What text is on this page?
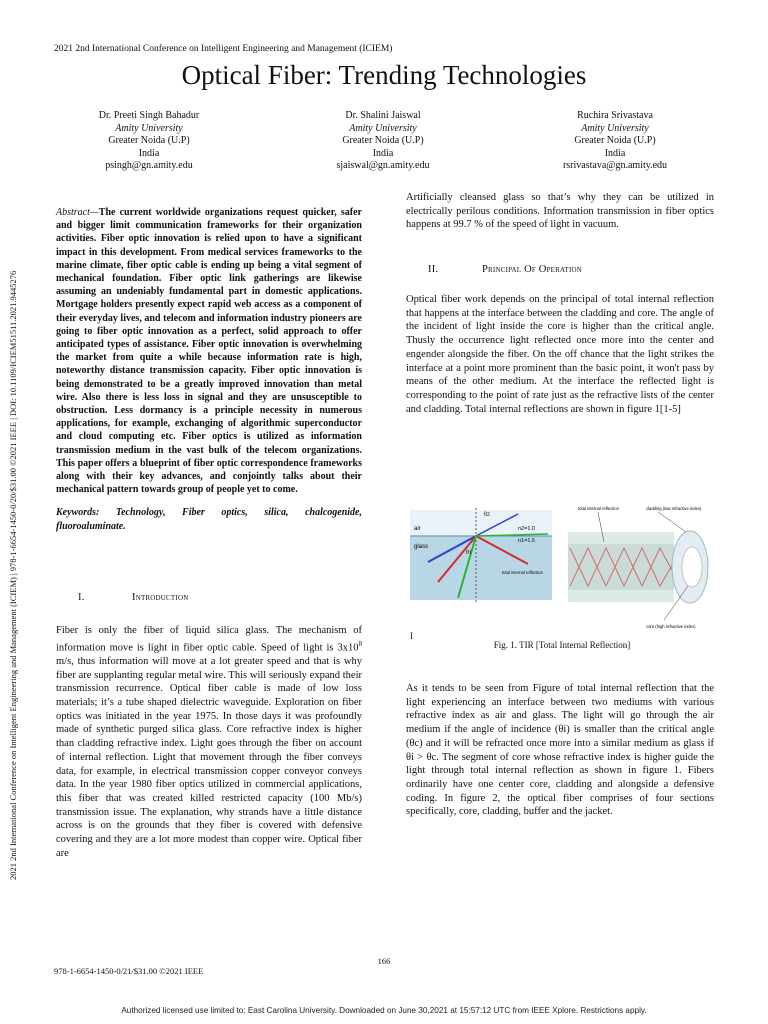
2021 2nd International Conference on Intelligent Engineering and Management (ICIEM)
Optical Fiber: Trending Technologies
Dr. Preeti Singh Bahadur
Amity University
Greater Noida (U.P)
India
psingh@gn.amity.edu
Dr. Shalini Jaiswal
Amity University
Greater Noida (U.P)
India
sjaiswal@gn.amity.edu
Ruchira Srivastava
Amity University
Greater Noida (U.P)
India
rsrivastava@gn.amity.edu
2021 2nd International Conference on Intelligent Engineering and Management (ICIEM) | 978-1-6654-1450-0/20/$31.00 ©2021 IEEE | DOI: 10.1109/ICIEM51511.2021.9445276

Abstract—The current worldwide organizations request quicker, safer and bigger limit communication frameworks for their organization activities. Fiber optic innovation is relied upon to have a significant impact in this development. From medical services frameworks to the marine climate, fiber optic cable is ending up being a vital segment of mechanical foundation. Fiber optic link gatherings are likewise assuming an undeniably fundamental part in domestic applications. Mortgage holders presently expect rapid web access as a component of their everyday lives, and telecom and information industry pioneers are going to fiber optic innovation as a perfect, solid approach to offer anticipated types of assistance. Fiber optic innovation is overwhelming the market from quite a while because information rate is high, noteworthy distance transmission capacity. Fiber optic innovation is being demonstrated to be a greatly improved innovation than metal wire. Also there is less loss in signal and they are unsusceptible to obstruction. Less dormancy is a principle necessity in numerous applications, for example, exchanging of algorithmic superconductor and cloud computing etc. Fiber optics is utilized as information transmission medium in the vast bulk of the telecom organizations. This paper offers a blueprint of fiber optic correspondence frameworks along with their key advances, and conjointly talks about their mechanical pattern towards group of people yet to come.

Keywords: Technology, Fiber optics, silica, chalcogenide, fluoroaluminate.

I.	Introduction

Fiber is only the fiber of liquid silica glass. The mechanism of information move is light in fiber optic cable. Speed of light is $3x10^8$ m/s, thus information will move at a lot greater speed and that is why fiber are supplanting regular metal wire. This will seriously expand their transmission recurrence. Optical fiber cable is made of low loss materials; it’s a tube shaped dielectric waveguide. Exploration on fiber optics was initiated in the year 1975. In those days it was profoundly made of synthetic purged silica glass. Core refractive index is higher than cladding refractive index. Light goes through the fiber on account of internal reflection. Light that movement through the fiber conveys data, for example, in electrical transmission copper conveyor conveys data. In the year 1980 fiber optics utilized in commercial applications, this fiber that was created killed restricted capacity (100 Mb/s) transmission issue. The explanation, why strands have a little distance across is on the grounds that they fiber is covered with defensive covering and they are a lot more modest than copper wire. Optical fiber are

Artificially cleansed glass so that’s why they can be utilized in electrically perilous conditions. Information transmission in fiber optics happens at 99.7 % of the speed of light in vacuum.

II.	Principal Of Operation

Optical fiber work depends on the principal of total internal reflection that happens at the interface between the cladding and core. The angle of the incident of light inside the core is higher than the critical angle. Thusly the occurrence light reflected once more into the center and engender alongside the fiber. On the off chance that the light strikes the interface at a point more prominent than the basic point, it won't pass by means of the other medium. At the interface the reflected light is corresponding to the point of rate just as the refractive lists of the center and cladding. Total internal reflections are shown in figure 1[1-5]

air
glass
n2=1.0
n1=1.5
θ2
θ1
total internal reflection
total internal reflection	cladding (low refractive index)
core (high refractive index)
I
Fig. 1. TIR [Total Internal Reflection]

As it tends to be seen from Figure of total internal reflection that the light experiencing an interface between two mediums with various refractive index as air and glass. The light will go through the air medium if the angle of incidence (θi) is smaller than the critical angle (θc) and it will be refracted once more into a similar medium as glass if θi > θc. The segment of core whose refractive index is higher guide the light through total internal reflection as shown in figure 1. Fibers ordinarily have one center core, cladding and alongside a defensive coding. In figure 2, the optical fiber comprises of four sections specifically, core, cladding, buffer and the jacket.

166
978-1-6654-1450-0/21/$31.00 ©2021 IEEE
Authorized licensed use limited to: East Carolina University. Downloaded on June 30,2021 at 15:57:12 UTC from IEEE Xplore. Restrictions apply.
